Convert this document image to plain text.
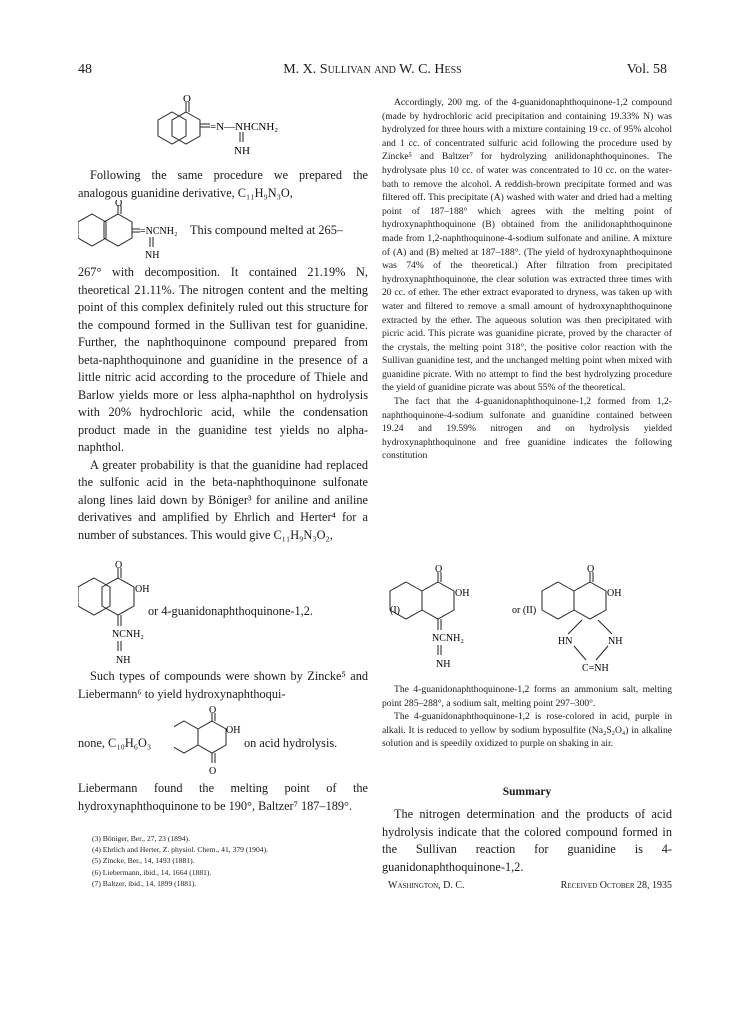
48	M. X. Sullivan and W. C. Hess	Vol. 58
O
=N—NHCNH₂
NH

Following the same procedure we prepared the analogous guanidine derivative, C₁₁H₉N₃O,

O
=NCNH₂
NH
This compound melted at 265–

267° with decomposition. It contained 21.19% N, theoretical 21.11%. The nitrogen content and the melting point of this complex definitely ruled out this structure for the compound formed in the Sullivan test for guanidine. Further, the naphthoquinone compound prepared from beta-naphthoquinone and guanidine in the presence of a little nitric acid according to the procedure of Thiele and Barlow yields more or less alpha-naphthol on hydrolysis with 20% hydrochloric acid, while the condensation product made in the guanidine test yields no alpha-naphthol.

A greater probability is that the guanidine had replaced the sulfonic acid in the beta-naphthoquinone sulfonate along lines laid down by Böniger³ for aniline and aniline derivatives and amplified by Ehrlich and Herter⁴ for a number of substances. This would give C₁₁H₉N₃O₂,

O
OH
NCNH₂
NH
or 4-guanidonaphthoquinone-1,2.

Such types of compounds were shown by Zincke⁵ and Liebermann⁶ to yield hydroxynaphthoqui-

none, C₁₀H₆O₃
O
OH
O
on acid hydrolysis.

Liebermann found the melting point of the hydroxynaphthoquinone to be 190°, Baltzer⁷ 187–189°.

(3) Böniger, Ber., 27, 23 (1894).
(4) Ehrlich and Herter, Z. physiol. Chem., 41, 379 (1904).
(5) Zincke, Ber., 14, 1493 (1881).
(6) Liebermann, ibid., 14, 1664 (1881).
(7) Baltzer, ibid., 14, 1899 (1881).

Accordingly, 200 mg. of the 4-guanidonaphthoquinone-1,2 compound (made by hydrochloric acid precipitation and containing 19.33% N) was hydrolyzed for three hours with a mixture containing 19 cc. of 95% alcohol and 1 cc. of concentrated sulfuric acid following the procedure used by Zincke⁵ and Baltzer⁷ for hydrolyzing anilidonaphthoquinones. The hydrolysate plus 10 cc. of water was concentrated to 10 cc. on the water-bath to remove the alcohol. A reddish-brown precipitate formed and was filtered off. This precipitate (A) washed with water and dried had a melting point of 187–188° which agrees with the melting point of hydroxynaphthoquinone (B) obtained from the anilidonaphthoquinone made from 1,2-naphthoquinone-4-sodium sulfonate and aniline. A mixture of (A) and (B) melted at 187–188°. (The yield of hydroxynaphthoquinone was 74% of the theoretical.) After filtration from precipitated hydroxynaphthoquinone, the clear solution was extracted three times with 20 cc. of ether. The ether extract evaporated to dryness, was taken up with water and filtered to remove a small amount of hydroxynaphthoquinone extracted by the ether. The aqueous solution was then precipitated with picric acid. This picrate was guanidine picrate, proved by the character of the crystals, the melting point 318°, the positive color reaction with the Sullivan guanidine test, and the unchanged melting point when mixed with guanidine picrate. With no attempt to find the best hydrolyzing procedure the yield of guanidine picrate was about 55% of the theoretical.

The fact that the 4-guanidonaphthoquinone-1,2 formed from 1,2-naphthoquinone-4-sodium sulfonate and guanidine contained between 19.24 and 19.59% nitrogen and on hydrolysis yielded hydroxynaphthoquinone and free guanidine indicates the following constitution

(I)
O
OH
NCNH₂
NH
or (II)
O
OH
HN	NH
C=NH

The 4-guanidonaphthoquinone-1,2 forms an ammonium salt, melting point 285–288°, a sodium salt, melting point 297–300°.

The 4-guanidonaphthoquinone-1,2 is rose-colored in acid, purple in alkali. It is reduced to yellow by sodium hyposulfite (Na₂S₂O₄) in alkaline solution and is speedily oxidized to purple on shaking in air.

Summary

The nitrogen determination and the products of acid hydrolysis indicate that the colored compound formed in the Sullivan reaction for guanidine is 4-guanidonaphthoquinone-1,2.

Washington, D. C.	Received October 28, 1935
